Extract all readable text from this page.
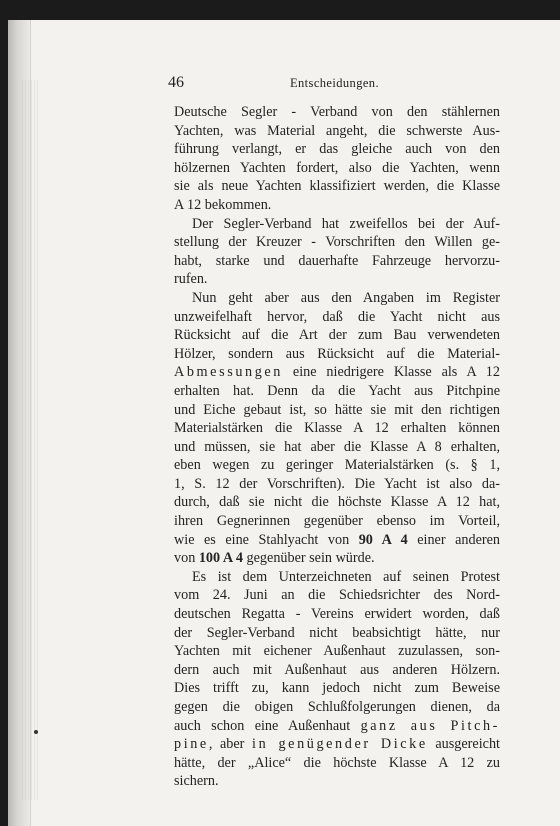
46	Entscheidungen.
Deutsche Segler - Verband von den stählernen
Yachten, was Material angeht, die schwerste Aus-
führung verlangt, er das gleiche auch von den
hölzernen Yachten fordert, also die Yachten, wenn
sie als neue Yachten klassifiziert werden, die Klasse
A 12 bekommen.
Der Segler-Verband hat zweifellos bei der Auf-
stellung der Kreuzer - Vorschriften den Willen ge-
habt, starke und dauerhafte Fahrzeuge hervorzu-
rufen.
Nun geht aber aus den Angaben im Register
unzweifelhaft hervor, daß die Yacht nicht aus
Rücksicht auf die Art der zum Bau verwendeten
Hölzer, sondern aus Rücksicht auf die Material-
Abmessungen eine niedrigere Klasse als A 12
erhalten hat. Denn da die Yacht aus Pitchpine
und Eiche gebaut ist, so hätte sie mit den richtigen
Materialstärken die Klasse A 12 erhalten können
und müssen, sie hat aber die Klasse A 8 erhalten,
eben wegen zu geringer Materialstärken (s. § 1,
1, S. 12 der Vorschriften). Die Yacht ist also da-
durch, daß sie nicht die höchste Klasse A 12 hat,
ihren Gegnerinnen gegenüber ebenso im Vorteil,
wie es eine Stahlyacht von 90 A 4 einer anderen
von 100 A 4 gegenüber sein würde.
Es ist dem Unterzeichneten auf seinen Protest
vom 24. Juni an die Schiedsrichter des Nord-
deutschen Regatta - Vereins erwidert worden, daß
der Segler-Verband nicht beabsichtigt hätte, nur
Yachten mit eichener Außenhaut zuzulassen, son-
dern auch mit Außenhaut aus anderen Hölzern.
Dies trifft zu, kann jedoch nicht zum Beweise
gegen die obigen Schlußfolgerungen dienen, da
auch schon eine Außenhaut ganz aus Pitch-
pine, aber in genügender Dicke ausgereicht
hätte, der „Alice“ die höchste Klasse A 12 zu
sichern.
